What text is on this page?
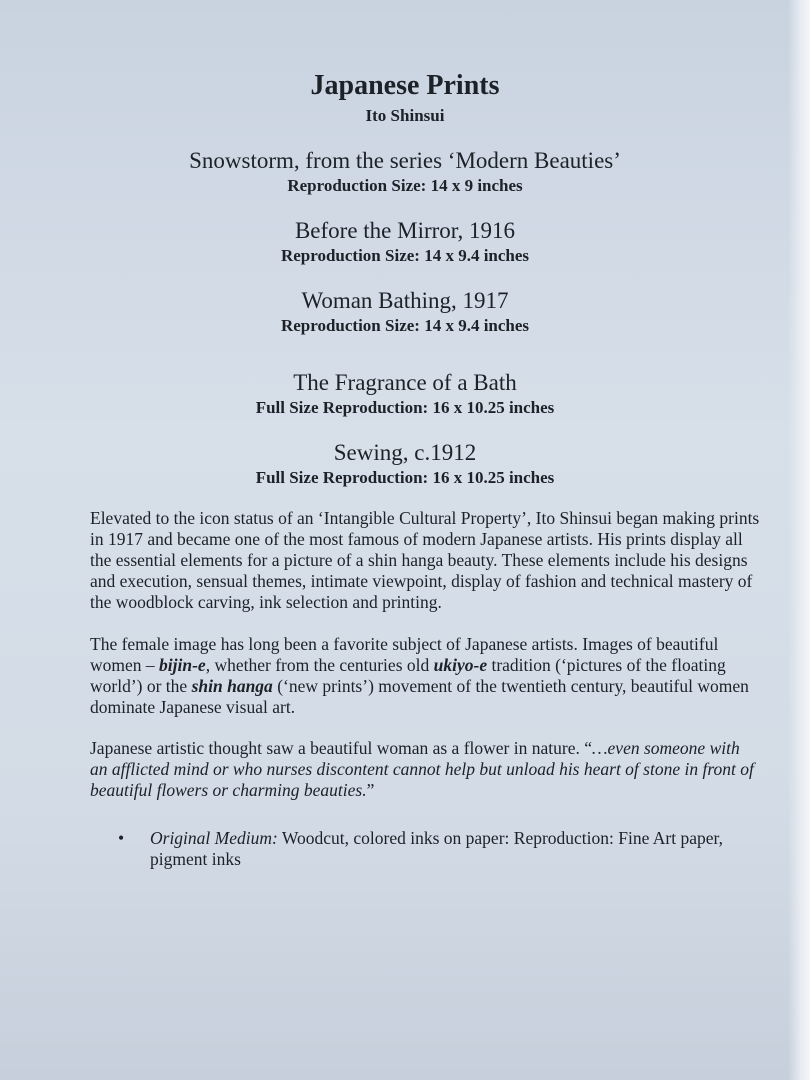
Japanese Prints
Ito Shinsui
Snowstorm, from the series ‘Modern Beauties’
Reproduction Size: 14 x 9 inches
Before the Mirror, 1916
Reproduction Size: 14 x 9.4 inches
Woman Bathing, 1917
Reproduction Size: 14 x 9.4 inches
The Fragrance of a Bath
Full Size Reproduction: 16 x 10.25 inches
Sewing, c.1912
Full Size Reproduction: 16 x 10.25 inches
Elevated to the icon status of an ‘Intangible Cultural Property’, Ito Shinsui began making prints in 1917 and became one of the most famous of modern Japanese artists. His prints display all the essential elements for a picture of a shin hanga beauty. These elements include his designs and execution, sensual themes, intimate viewpoint, display of fashion and technical mastery of the woodblock carving, ink selection and printing.
The female image has long been a favorite subject of Japanese artists. Images of beautiful women – bijin-e, whether from the centuries old ukiyo-e tradition (‘pictures of the floating world’) or the shin hanga (‘new prints’) movement of the twentieth century, beautiful women dominate Japanese visual art.
Japanese artistic thought saw a beautiful woman as a flower in nature. “…even someone with an afflicted mind or who nurses discontent cannot help but unload his heart of stone in front of beautiful flowers or charming beauties.”
• Original Medium: Woodcut, colored inks on paper: Reproduction: Fine Art paper, pigment inks
